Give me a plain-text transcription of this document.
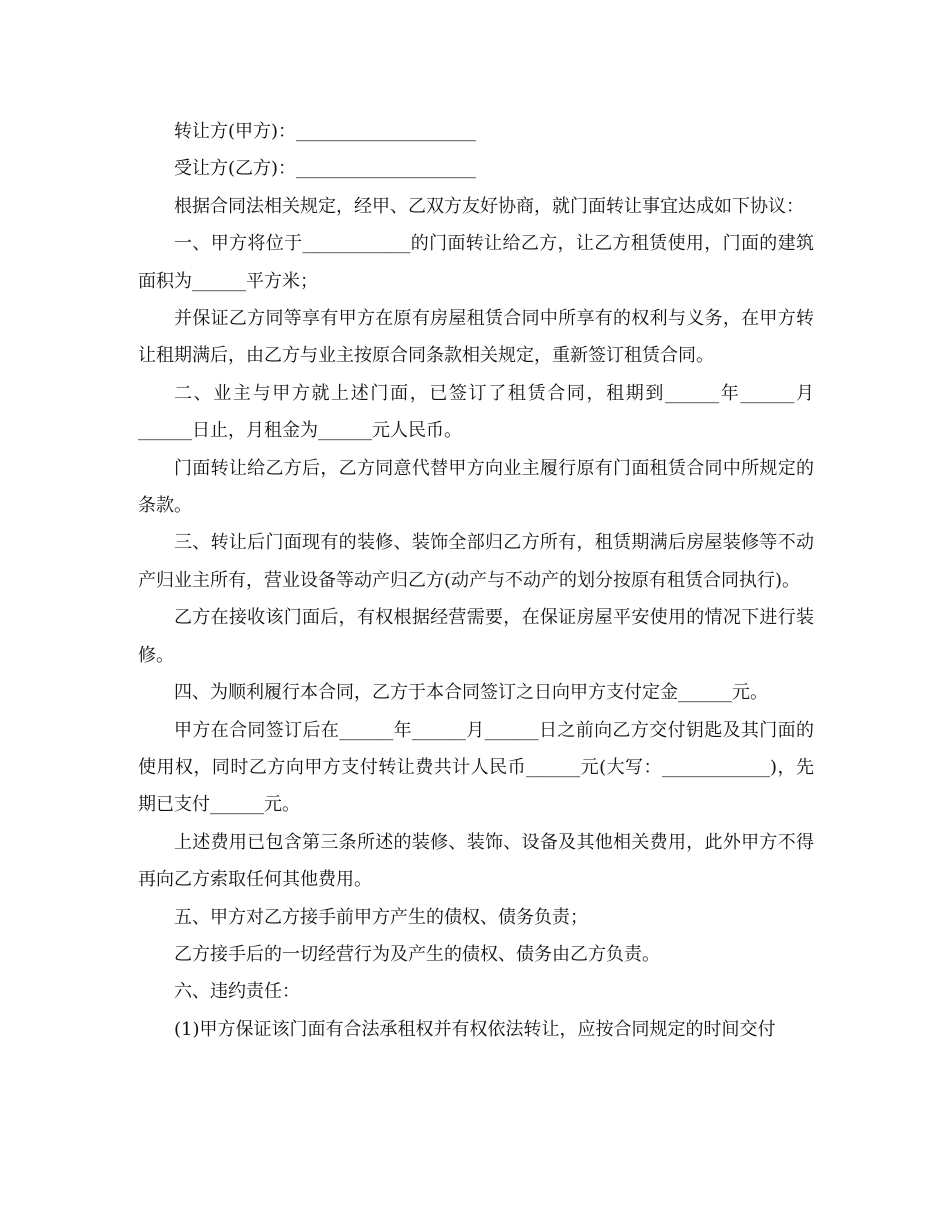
转让方(甲方)：____________________

受让方(乙方)：____________________

根据合同法相关规定，经甲、乙双方友好协商，就门面转让事宜达成如下协议：

一、甲方将位于____________的门面转让给乙方，让乙方租赁使用，门面的建筑面积为______平方米；

并保证乙方同等享有甲方在原有房屋租赁合同中所享有的权利与义务，在甲方转让租期满后，由乙方与业主按原合同条款相关规定，重新签订租赁合同。

二、业主与甲方就上述门面，已签订了租赁合同，租期到______年______月______日止，月租金为______元人民币。

门面转让给乙方后，乙方同意代替甲方向业主履行原有门面租赁合同中所规定的条款。

三、转让后门面现有的装修、装饰全部归乙方所有，租赁期满后房屋装修等不动产归业主所有，营业设备等动产归乙方(动产与不动产的划分按原有租赁合同执行)。

乙方在接收该门面后，有权根据经营需要，在保证房屋平安使用的情况下进行装修。

四、为顺利履行本合同，乙方于本合同签订之日向甲方支付定金______元。

甲方在合同签订后在______年______月______日之前向乙方交付钥匙及其门面的使用权，同时乙方向甲方支付转让费共计人民币______元(大写：____________)，先期已支付______元。

上述费用已包含第三条所述的装修、装饰、设备及其他相关费用，此外甲方不得再向乙方索取任何其他费用。

五、甲方对乙方接手前甲方产生的债权、债务负责；

乙方接手后的一切经营行为及产生的债权、债务由乙方负责。

六、违约责任：

(1)甲方保证该门面有合法承租权并有权依法转让，应按合同规定的时间交付
